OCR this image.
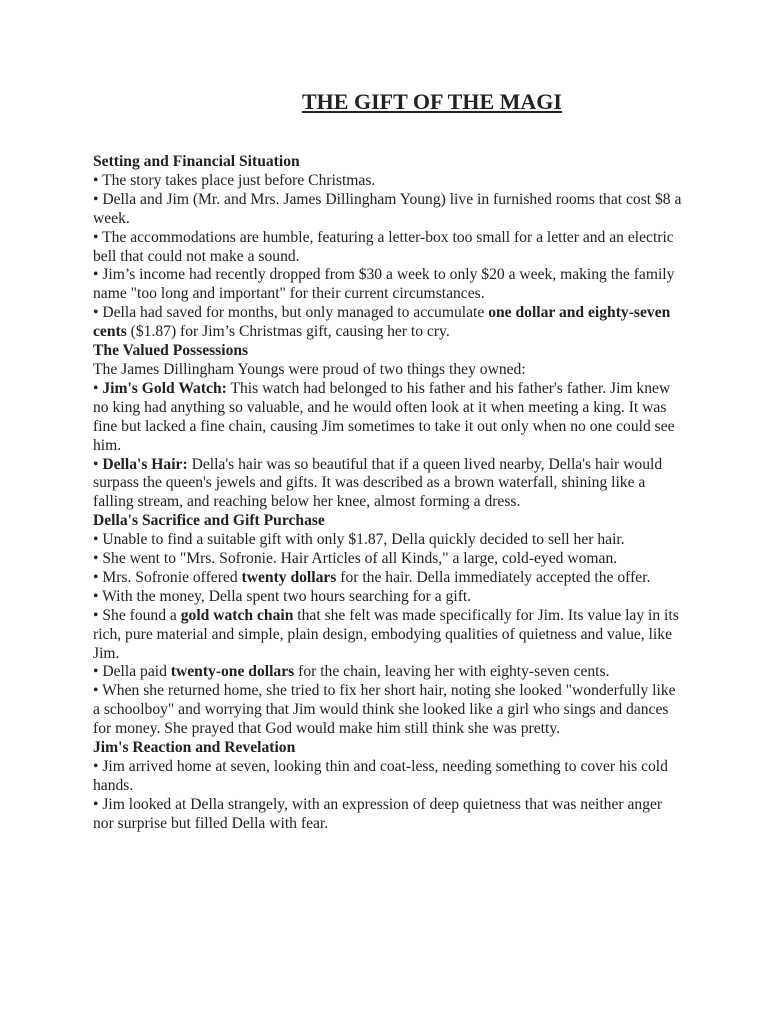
THE GIFT OF THE MAGI

Setting and Financial Situation

• The story takes place just before Christmas.

• Della and Jim (Mr. and Mrs. James Dillingham Young) live in furnished rooms that cost $8 a week.

• The accommodations are humble, featuring a letter-box too small for a letter and an electric bell that could not make a sound.

• Jim’s income had recently dropped from $30 a week to only $20 a week, making the family name "too long and important" for their current circumstances.

• Della had saved for months, but only managed to accumulate one dollar and eighty-seven cents ($1.87) for Jim’s Christmas gift, causing her to cry.

The Valued Possessions

The James Dillingham Youngs were proud of two things they owned:

• Jim's Gold Watch: This watch had belonged to his father and his father's father. Jim knew no king had anything so valuable, and he would often look at it when meeting a king. It was fine but lacked a fine chain, causing Jim sometimes to take it out only when no one could see him.

• Della's Hair: Della's hair was so beautiful that if a queen lived nearby, Della's hair would surpass the queen's jewels and gifts. It was described as a brown waterfall, shining like a falling stream, and reaching below her knee, almost forming a dress.

Della's Sacrifice and Gift Purchase

• Unable to find a suitable gift with only $1.87, Della quickly decided to sell her hair.

• She went to "Mrs. Sofronie. Hair Articles of all Kinds," a large, cold-eyed woman.

• Mrs. Sofronie offered twenty dollars for the hair. Della immediately accepted the offer.

• With the money, Della spent two hours searching for a gift.

• She found a gold watch chain that she felt was made specifically for Jim. Its value lay in its rich, pure material and simple, plain design, embodying qualities of quietness and value, like Jim.

• Della paid twenty-one dollars for the chain, leaving her with eighty-seven cents.

• When she returned home, she tried to fix her short hair, noting she looked "wonderfully like a schoolboy" and worrying that Jim would think she looked like a girl who sings and dances for money. She prayed that God would make him still think she was pretty.

Jim's Reaction and Revelation

• Jim arrived home at seven, looking thin and coat-less, needing something to cover his cold hands.

• Jim looked at Della strangely, with an expression of deep quietness that was neither anger nor surprise but filled Della with fear.
